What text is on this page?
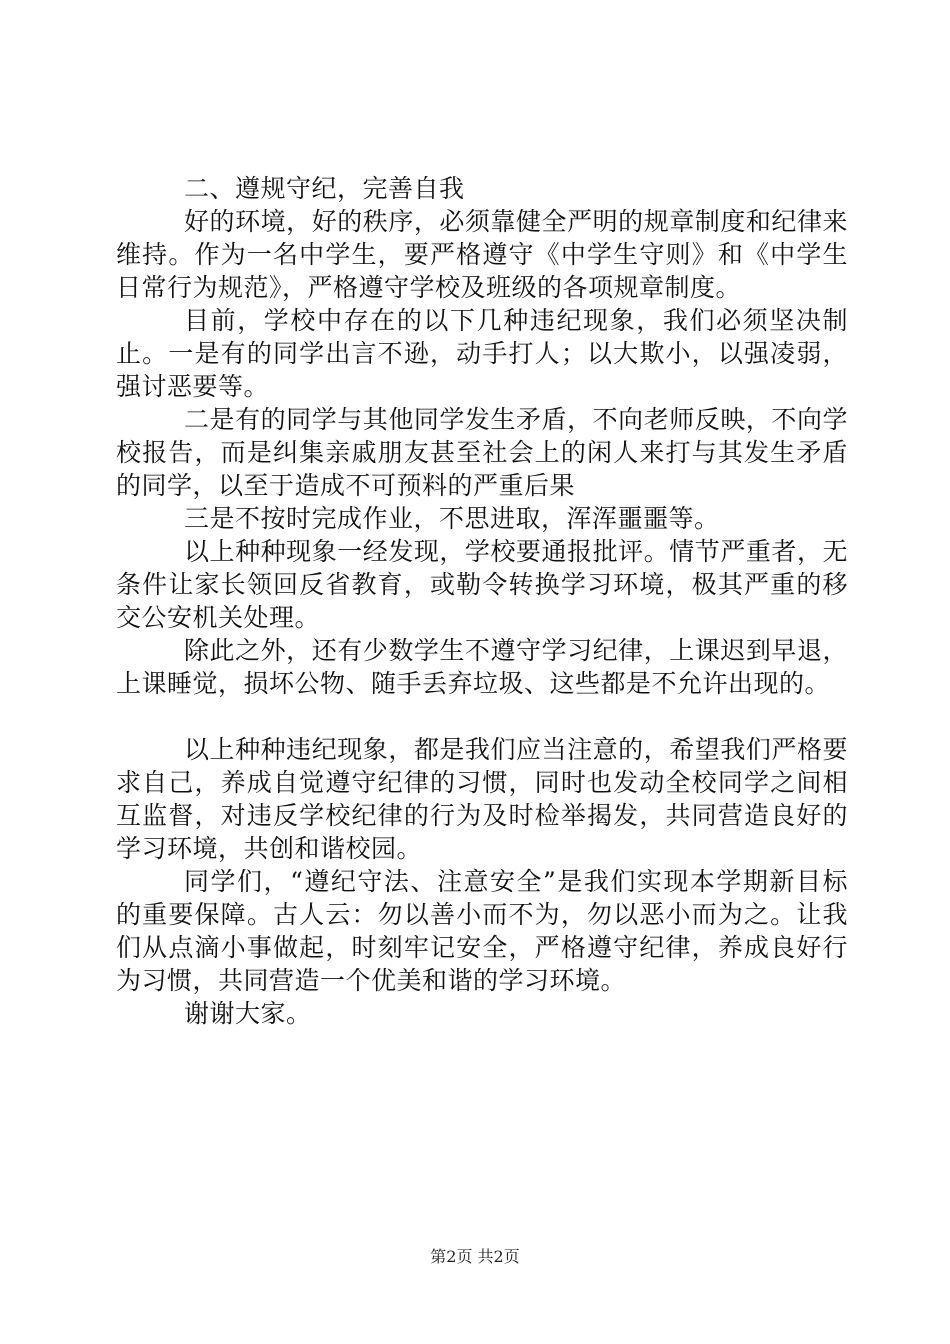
二、遵规守纪，完善自我

好的环境，好的秩序，必须靠健全严明的规章制度和纪律来维持。作为一名中学生，要严格遵守《中学生守则》和《中学生日常行为规范》，严格遵守学校及班级的各项规章制度。

目前，学校中存在的以下几种违纪现象，我们必须坚决制止。一是有的同学出言不逊，动手打人；以大欺小，以强凌弱，强讨恶要等。

二是有的同学与其他同学发生矛盾，不向老师反映，不向学校报告，而是纠集亲戚朋友甚至社会上的闲人来打与其发生矛盾的同学，以至于造成不可预料的严重后果

三是不按时完成作业，不思进取，浑浑噩噩等。

以上种种现象一经发现，学校要通报批评。情节严重者，无条件让家长领回反省教育，或勒令转换学习环境，极其严重的移交公安机关处理。

除此之外，还有少数学生不遵守学习纪律，上课迟到早退，上课睡觉，损坏公物、随手丢弃垃圾、这些都是不允许出现的。

以上种种违纪现象，都是我们应当注意的，希望我们严格要求自己，养成自觉遵守纪律的习惯，同时也发动全校同学之间相互监督，对违反学校纪律的行为及时检举揭发，共同营造良好的学习环境，共创和谐校园。

同学们，“遵纪守法、注意安全”是我们实现本学期新目标的重要保障。古人云：勿以善小而不为，勿以恶小而为之。让我们从点滴小事做起，时刻牢记安全，严格遵守纪律，养成良好行为习惯，共同营造一个优美和谐的学习环境。

谢谢大家。

第2页 共2页
